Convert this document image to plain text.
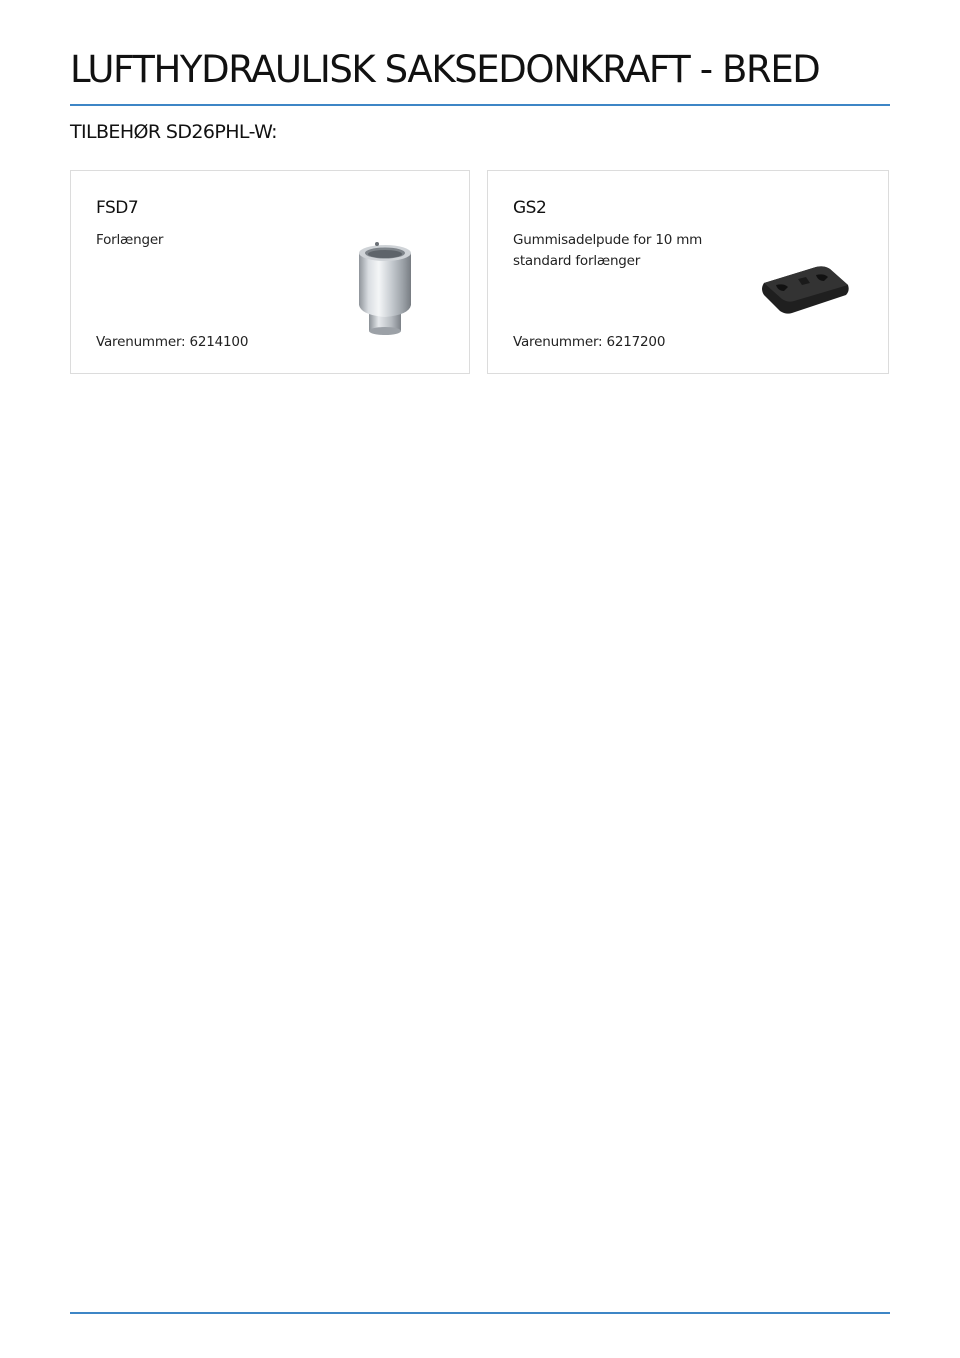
LUFTHYDRAULISK SAKSEDONKRAFT - BRED
TILBEHØR SD26PHL-W:
FSD7
Forlænger
Varenummer: 6214100
GS2
Gummisadelpude for 10 mm standard forlænger
Varenummer: 6217200
